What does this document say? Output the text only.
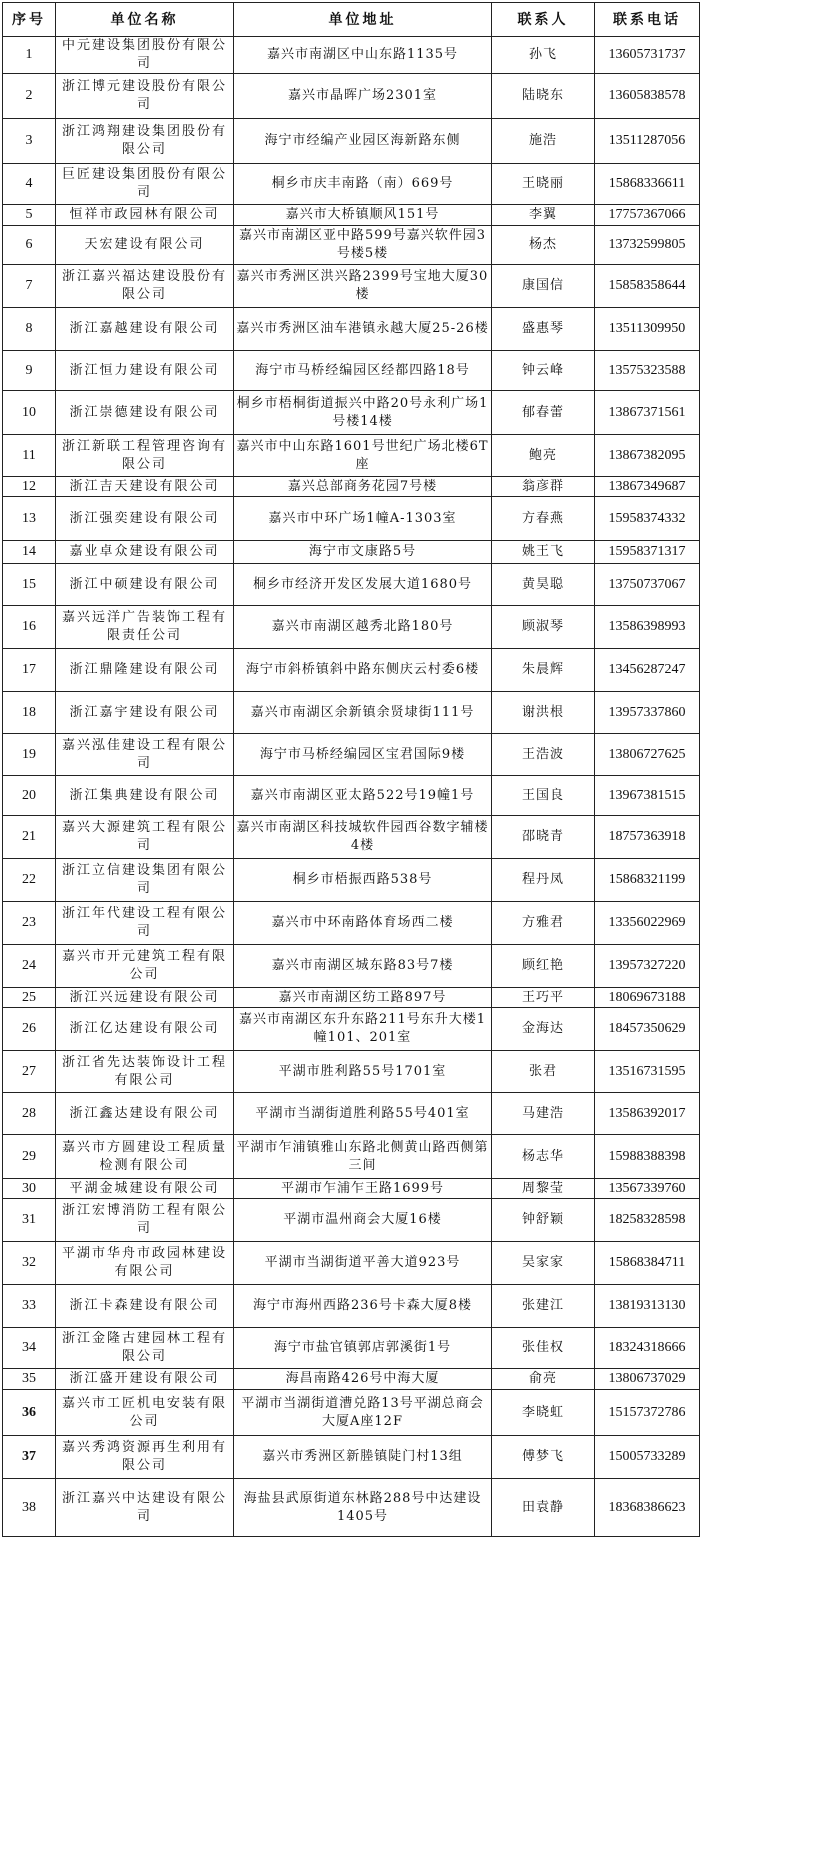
序号	单位名称	单位地址	联系人	联系电话
1	中元建设集团股份有限公司	嘉兴市南湖区中山东路1135号	孙飞	13605731737
2	浙江博元建设股份有限公司	嘉兴市晶晖广场2301室	陆晓东	13605838578
3	浙江鸿翔建设集团股份有限公司	海宁市经编产业园区海新路东侧	施浩	13511287056
4	巨匠建设集团股份有限公司	桐乡市庆丰南路（南）669号	王晓丽	15868336611
5	恒祥市政园林有限公司	嘉兴市大桥镇顺风151号	李翼	17757367066
6	天宏建设有限公司	嘉兴市南湖区亚中路599号嘉兴软件园3号楼5楼	杨杰	13732599805
7	浙江嘉兴福达建设股份有限公司	嘉兴市秀洲区洪兴路2399号宝地大厦30楼	康国信	15858358644
8	浙江嘉越建设有限公司	嘉兴市秀洲区油车港镇永越大厦25-26楼	盛惠琴	13511309950
9	浙江恒力建设有限公司	海宁市马桥经编园区经都四路18号	钟云峰	13575323588
10	浙江崇德建设有限公司	桐乡市梧桐街道振兴中路20号永利广场1号楼14楼	郁春蕾	13867371561
11	浙江新联工程管理咨询有限公司	嘉兴市中山东路1601号世纪广场北楼6T座	鲍亮	13867382095
12	浙江吉天建设有限公司	嘉兴总部商务花园7号楼	翁彦群	13867349687
13	浙江强奕建设有限公司	嘉兴市中环广场1幢A-1303室	方春燕	15958374332
14	嘉业卓众建设有限公司	海宁市文康路5号	姚王飞	15958371317
15	浙江中硕建设有限公司	桐乡市经济开发区发展大道1680号	黄昊聪	13750737067
16	嘉兴远洋广告装饰工程有限责任公司	嘉兴市南湖区越秀北路180号	顾淑琴	13586398993
17	浙江鼎隆建设有限公司	海宁市斜桥镇斜中路东侧庆云村委6楼	朱晨辉	13456287247
18	浙江嘉宇建设有限公司	嘉兴市南湖区余新镇余贤埭街111号	谢洪根	13957337860
19	嘉兴泓佳建设工程有限公司	海宁市马桥经编园区宝君国际9楼	王浩波	13806727625
20	浙江集典建设有限公司	嘉兴市南湖区亚太路522号19幢1号	王国良	13967381515
21	嘉兴大源建筑工程有限公司	嘉兴市南湖区科技城软件园西谷数字辅楼4楼	邵晓青	18757363918
22	浙江立信建设集团有限公司	桐乡市梧振西路538号	程丹凤	15868321199
23	浙江年代建设工程有限公司	嘉兴市中环南路体育场西二楼	方雅君	13356022969
24	嘉兴市开元建筑工程有限公司	嘉兴市南湖区城东路83号7楼	顾红艳	13957327220
25	浙江兴远建设有限公司	嘉兴市南湖区纺工路897号	王巧平	18069673188
26	浙江亿达建设有限公司	嘉兴市南湖区东升东路211号东升大楼1幢101、201室	金海达	18457350629
27	浙江省先达装饰设计工程有限公司	平湖市胜利路55号1701室	张君	13516731595
28	浙江鑫达建设有限公司	平湖市当湖街道胜利路55号401室	马建浩	13586392017
29	嘉兴市方圆建设工程质量检测有限公司	平湖市乍浦镇雅山东路北侧黄山路西侧第三间	杨志华	15988388398
30	平湖金城建设有限公司	平湖市乍浦乍王路1699号	周黎莹	13567339760
31	浙江宏博消防工程有限公司	平湖市温州商会大厦16楼	钟舒颖	18258328598
32	平湖市华舟市政园林建设有限公司	平湖市当湖街道平善大道923号	吴家家	15868384711
33	浙江卡森建设有限公司	海宁市海州西路236号卡森大厦8楼	张建江	13819313130
34	浙江金隆古建园林工程有限公司	海宁市盐官镇郭店郭溪街1号	张佳权	18324318666
35	浙江盛开建设有限公司	海昌南路426号中海大厦	俞亮	13806737029
36	嘉兴市工匠机电安装有限公司	平湖市当湖街道漕兑路13号平湖总商会大厦A座12F	李晓虹	15157372786
37	嘉兴秀鸿资源再生利用有限公司	嘉兴市秀洲区新塍镇陡门村13组	傅梦飞	15005733289
38	浙江嘉兴中达建设有限公司	海盐县武原街道东林路288号中达建设1405号	田袁静	18368386623
